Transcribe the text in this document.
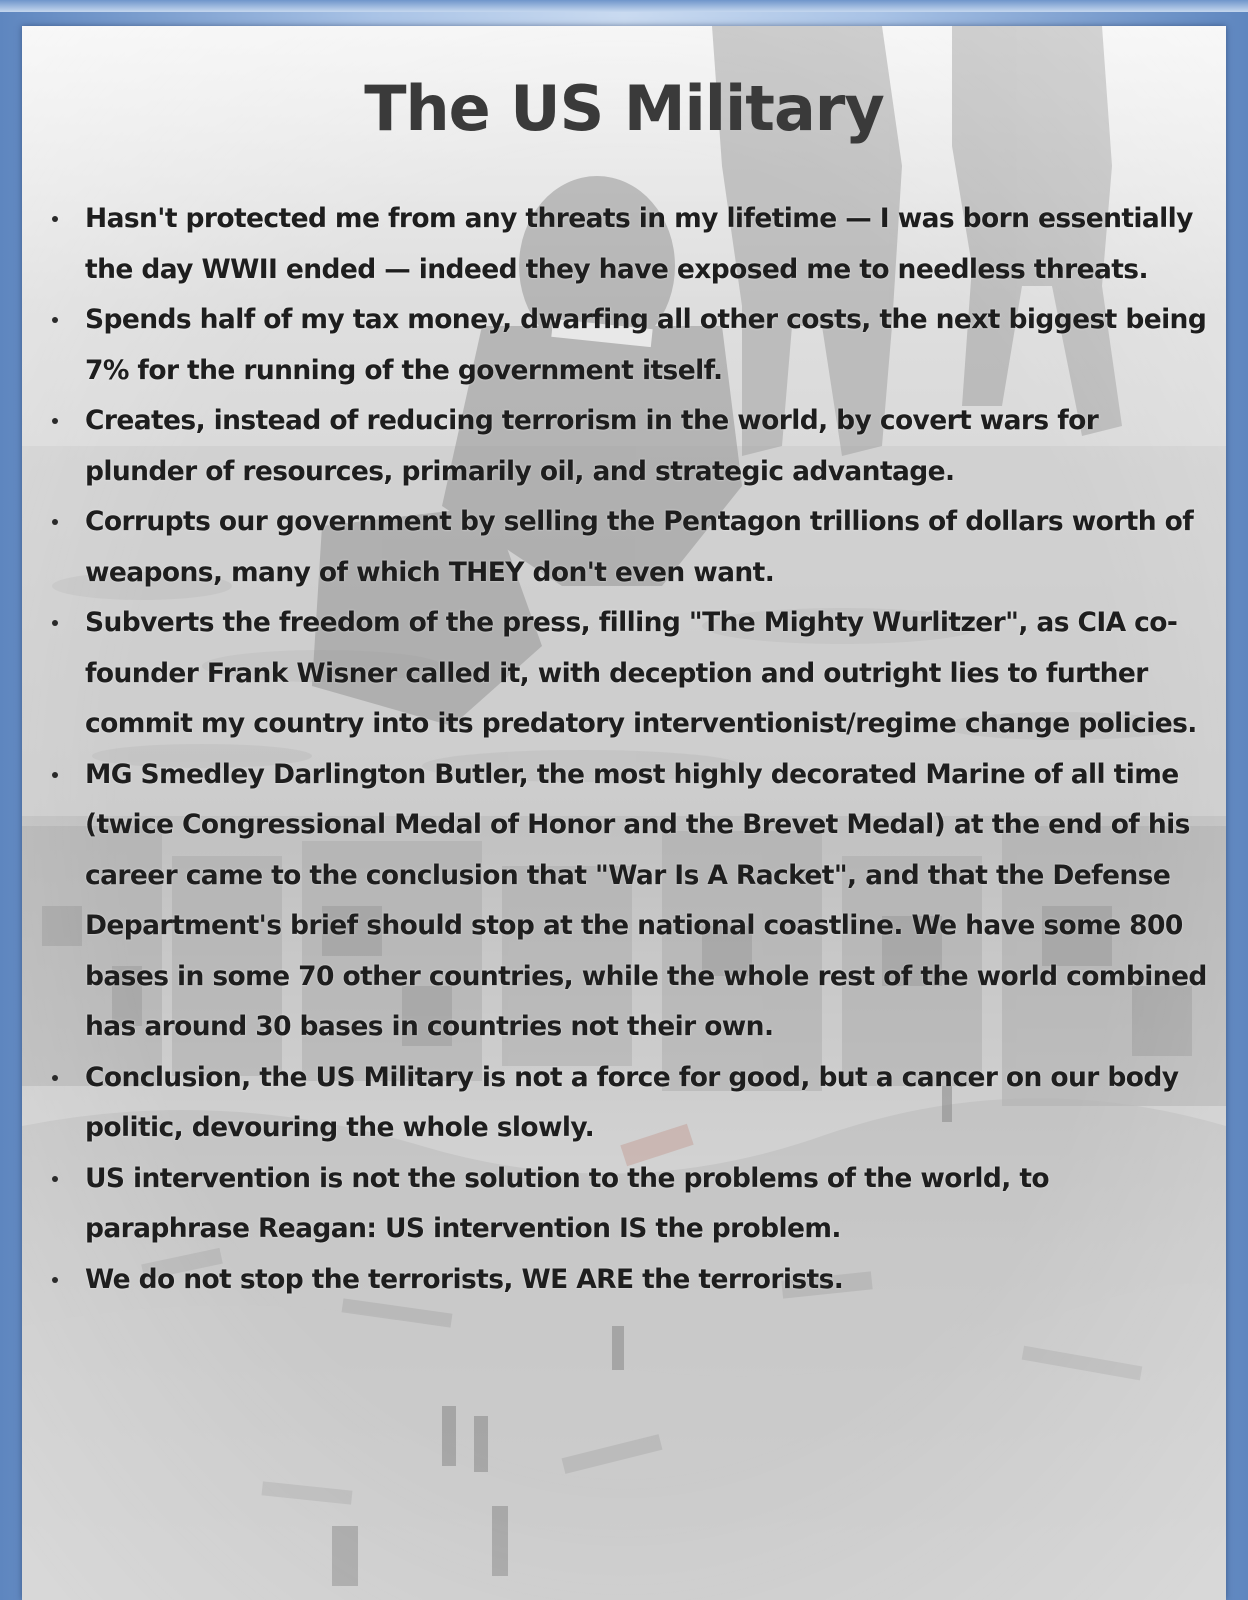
The US Military
Hasn't protected me from any threats in my lifetime — I was born essentially the day WWII ended — indeed they have exposed me to needless threats.
Spends half of my tax money, dwarfing all other costs, the next biggest being 7% for the running of the government itself.
Creates, instead of reducing terrorism in the world, by covert wars for plunder of resources, primarily oil, and strategic advantage.
Corrupts our government by selling the Pentagon trillions of dollars worth of weapons, many of which THEY don't even want.
Subverts the freedom of the press, filling "The Mighty Wurlitzer", as CIA co-founder Frank Wisner called it, with deception and outright lies to further commit my country into its predatory interventionist/regime change policies.
MG Smedley Darlington Butler, the most highly decorated Marine of all time (twice Congressional Medal of Honor and the Brevet Medal) at the end of his career came to the conclusion that "War Is A Racket", and that the Defense Department's brief should stop at the national coastline. We have some 800 bases in some 70 other countries, while the whole rest of the world combined has around 30 bases in countries not their own.
Conclusion, the US Military is not a force for good, but a cancer on our body politic, devouring the whole slowly.
US intervention is not the solution to the problems of the world, to paraphrase Reagan: US intervention IS the problem.
We do not stop the terrorists, WE ARE the terrorists.
